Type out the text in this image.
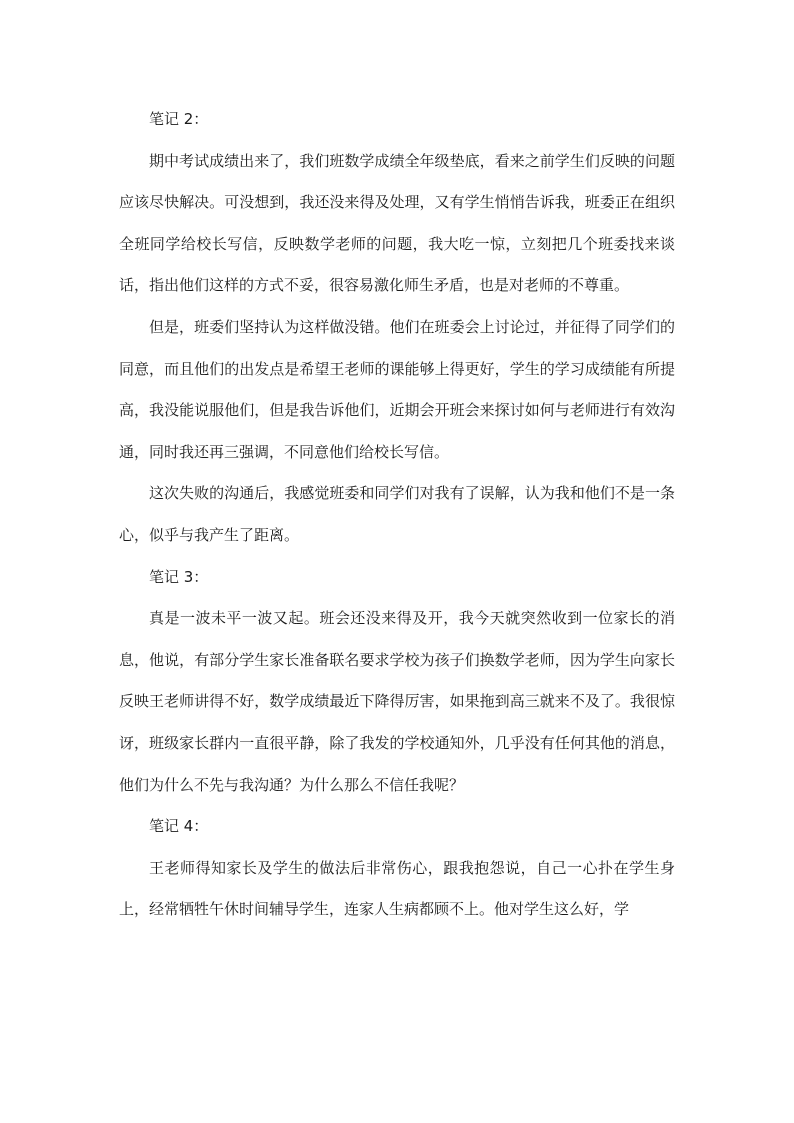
笔记 2：

期中考试成绩出来了，我们班数学成绩全年级垫底，看来之前学生们反映的问题应该尽快解决。可没想到，我还没来得及处理，又有学生悄悄告诉我，班委正在组织全班同学给校长写信，反映数学老师的问题，我大吃一惊，立刻把几个班委找来谈话，指出他们这样的方式不妥，很容易激化师生矛盾，也是对老师的不尊重。

但是，班委们坚持认为这样做没错。他们在班委会上讨论过，并征得了同学们的同意，而且他们的出发点是希望王老师的课能够上得更好，学生的学习成绩能有所提高，我没能说服他们，但是我告诉他们，近期会开班会来探讨如何与老师进行有效沟通，同时我还再三强调，不同意他们给校长写信。

这次失败的沟通后，我感觉班委和同学们对我有了误解，认为我和他们不是一条心，似乎与我产生了距离。

笔记 3：

真是一波未平一波又起。班会还没来得及开，我今天就突然收到一位家长的消息，他说，有部分学生家长准备联名要求学校为孩子们换数学老师，因为学生向家长反映王老师讲得不好，数学成绩最近下降得厉害，如果拖到高三就来不及了。我很惊讶，班级家长群内一直很平静，除了我发的学校通知外，几乎没有任何其他的消息，他们为什么不先与我沟通？为什么那么不信任我呢？

笔记 4：

王老师得知家长及学生的做法后非常伤心，跟我抱怨说，自己一心扑在学生身上，经常牺牲午休时间辅导学生，连家人生病都顾不上。他对学生这么好，学
